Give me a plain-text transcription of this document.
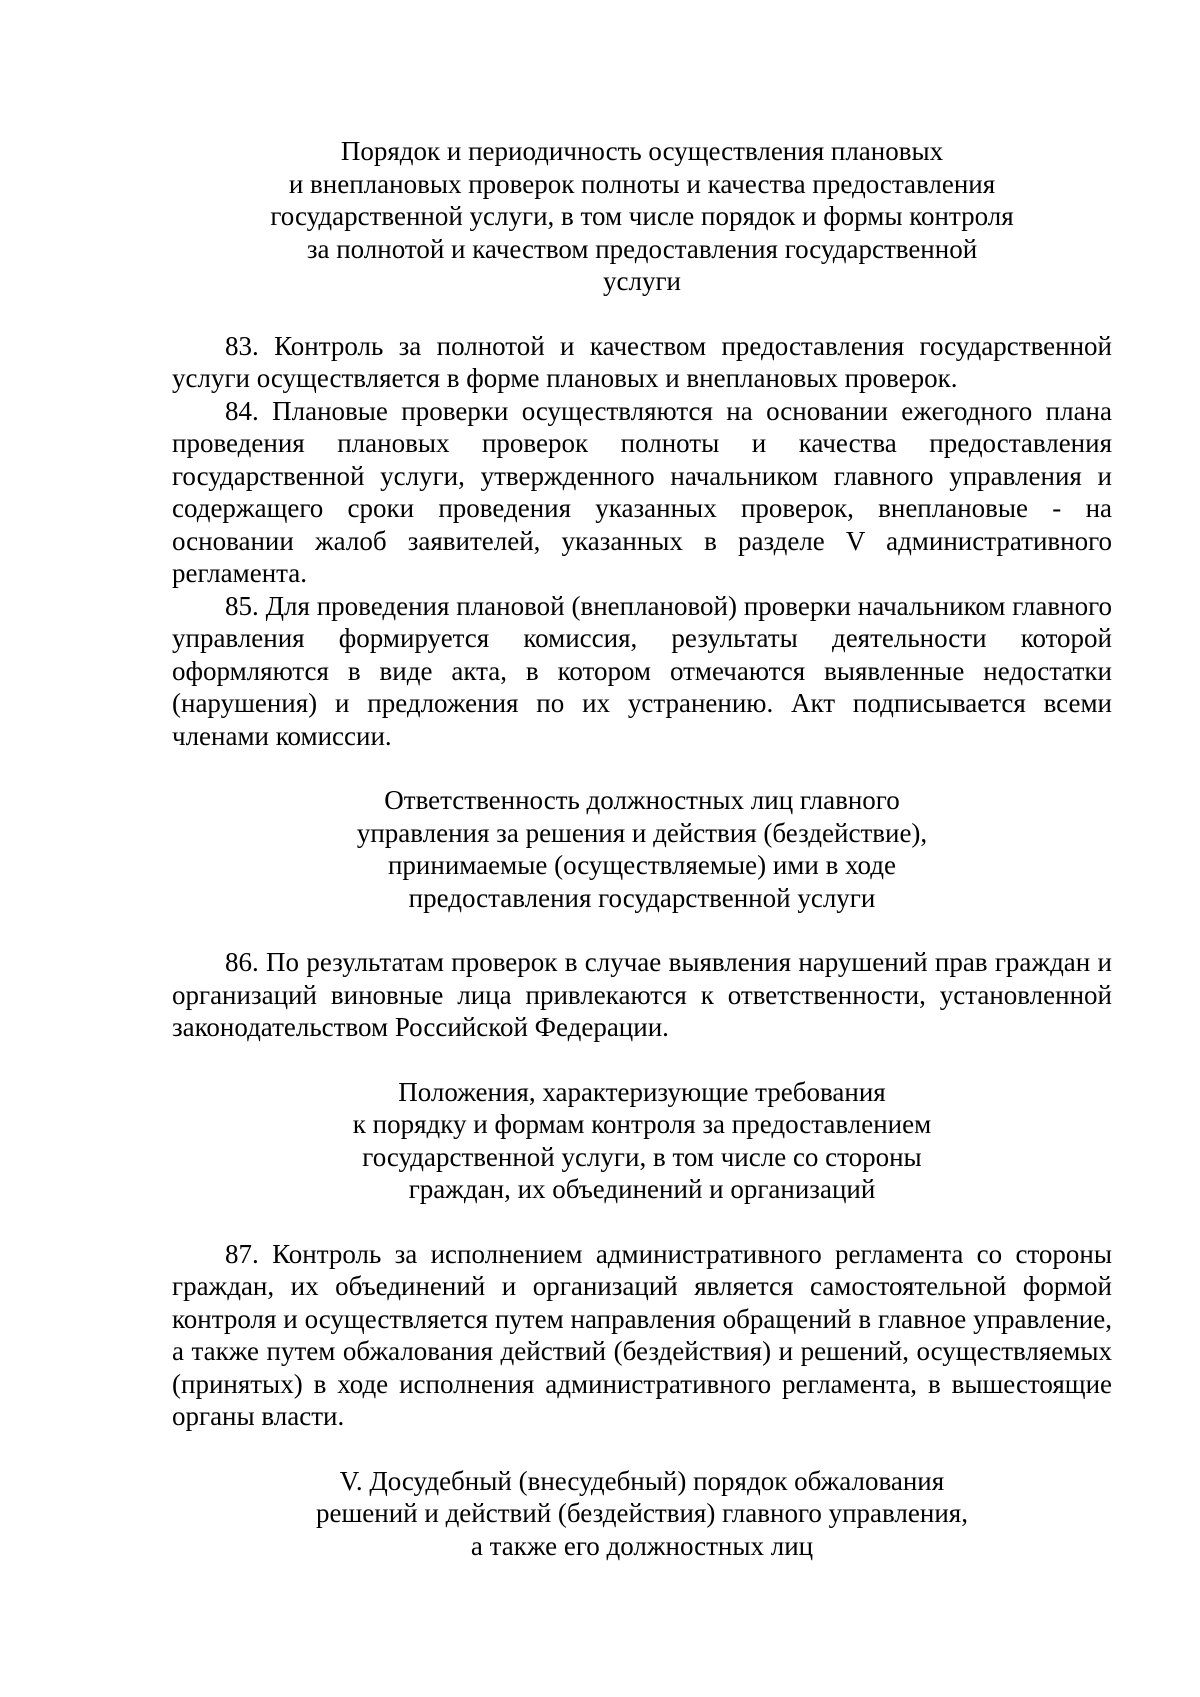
Порядок и периодичность осуществления плановых
и внеплановых проверок полноты и качества предоставления
государственной услуги, в том числе порядок и формы контроля
за полнотой и качеством предоставления государственной
услуги

83. Контроль за полнотой и качеством предоставления государственной услуги осуществляется в форме плановых и внеплановых проверок.

84. Плановые проверки осуществляются на основании ежегодного плана проведения плановых проверок полноты и качества предоставления государственной услуги, утвержденного начальником главного управления и содержащего сроки проведения указанных проверок, внеплановые - на основании жалоб заявителей, указанных в разделе V административного регламента.

85. Для проведения плановой (внеплановой) проверки начальником главного управления формируется комиссия, результаты деятельности которой оформляются в виде акта, в котором отмечаются выявленные недостатки (нарушения) и предложения по их устранению. Акт подписывается всеми членами комиссии.

Ответственность должностных лиц главного
управления за решения и действия (бездействие),
принимаемые (осуществляемые) ими в ходе
предоставления государственной услуги

86. По результатам проверок в случае выявления нарушений прав граждан и организаций виновные лица привлекаются к ответственности, установленной законодательством Российской Федерации.

Положения, характеризующие требования
к порядку и формам контроля за предоставлением
государственной услуги, в том числе со стороны
граждан, их объединений и организаций

87. Контроль за исполнением административного регламента со стороны граждан, их объединений и организаций является самостоятельной формой контроля и осуществляется путем направления обращений в главное управление, а также путем обжалования действий (бездействия) и решений, осуществляемых (принятых) в ходе исполнения административного регламента, в вышестоящие органы власти.

V. Досудебный (внесудебный) порядок обжалования
решений и действий (бездействия) главного управления,
а также его должностных лиц
